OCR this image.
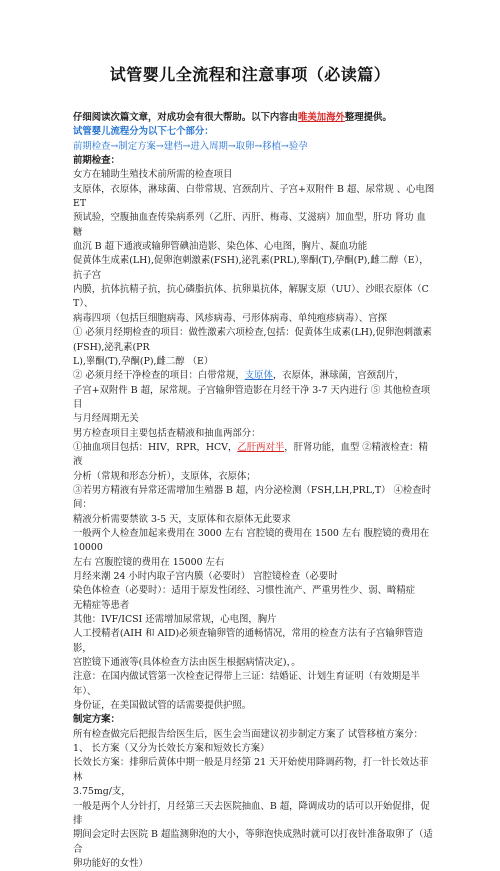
试管婴儿全流程和注意事项（必读篇）

仔细阅读次篇文章，对成功会有很大帮助。以下内容由唯美加海外整理提供。

试管婴儿流程分为以下七个部分：

前期检查→制定方案→建档→进入周期→取卵→移植→验孕

前期检查：

女方在辅助生殖技术前所需的检查项目

支原体，衣原体，淋球菌、白带常规、宫颈刮片、子宫+双附件 B 超、尿常规 、心电图 ET

预试验，空腹抽血查传染病系列（乙肝、丙肝、梅毒、艾滋病）加血型，肝功 肾功 血糖

血沉 B 超下通液或输卵管碘油造影、染色体、心电图，胸片、凝血功能

促黄体生成素(LH),促卵泡刺激素(FSH),泌乳素(PRL),睾酮(T),孕酮(P),雌二醇（E），抗子宫

内膜，抗体抗精子抗，抗心磷脂抗体、抗卵巢抗体，解脲支原（UU）、沙眼衣原体（CT）、

病毒四项（包括巨细胞病毒、风疹病毒、弓形体病毒、单纯疱疹病毒）、宫探

① 必须月经期检查的项目：做性激素六项检查,包括：促黄体生成素(LH),促卵泡刺激素

(FSH),泌乳素(PR

L),睾酮(T),孕酮(P),雌二醇 （E）

② 必须月经干净检查的项目：白带常规，支原体，衣原体，淋球菌，宫颈刮片，

子宫+双附件 B 超，尿常规。子宫输卵管造影在月经干净 3-7 天内进行 ⑤ 其他检查项目

与月经周期无关

男方检查项目主要包括查精液和抽血两部分：

①抽血项目包括：HIV，RPR，HCV，乙肝两对半，肝肾功能，血型 ②精液检查：精液

分析（常规和形态分析），支原体，衣原体；

③若男方精液有异常还需增加生殖器 B 超，内分泌检测（FSH,LH,PRL,T） ④检查时间：

精液分析需要禁欲 3-5 天，支原体和衣原体无此要求

一般两个人检查加起来费用在 3000 左右 宫腔镜的费用在 1500 左右 腹腔镜的费用在 10000

左右 宫腹腔镜的费用在 15000 左右

月经来潮 24 小时内取子宫内膜（必要时） 宫腔镜检查（必要时

染色体检查（必要时）：适用于原发性闭经、习惯性流产、严重男性少、弱、畸精症

无精症等患者

其他：IVF/ICSI 还需增加尿常规，心电图，胸片

人工授精者(AIH 和 AID)必须查输卵管的通畅情况，常用的检查方法有子宫输卵管造影，

宫腔镜下通液等(具体检查方法由医生根据病情决定)，。

注意：在国内做试管第一次检查记得带上三证：结婚证、计划生育证明（有效期是半年）、

身份证，在美国做试管的话需要提供护照。

制定方案：

所有检查做完后把报告给医生后，医生会当面建议初步制定方案了 试管移植方案分：

1、 长方案（又分为长效长方案和短效长方案）

长效长方案：排卵后黄体中期一般是月经第 21 天开始使用降调药物，打一针长效达菲林

3.75mg/支，

一般是两个人分针打，月经第三天去医院抽血、B 超，降调成功的话可以开始促排，促排

期间会定时去医院 B 超监测卵泡的大小，等卵泡快成熟时就可以打夜针准备取卵了（适合

卵功能好的女性）
